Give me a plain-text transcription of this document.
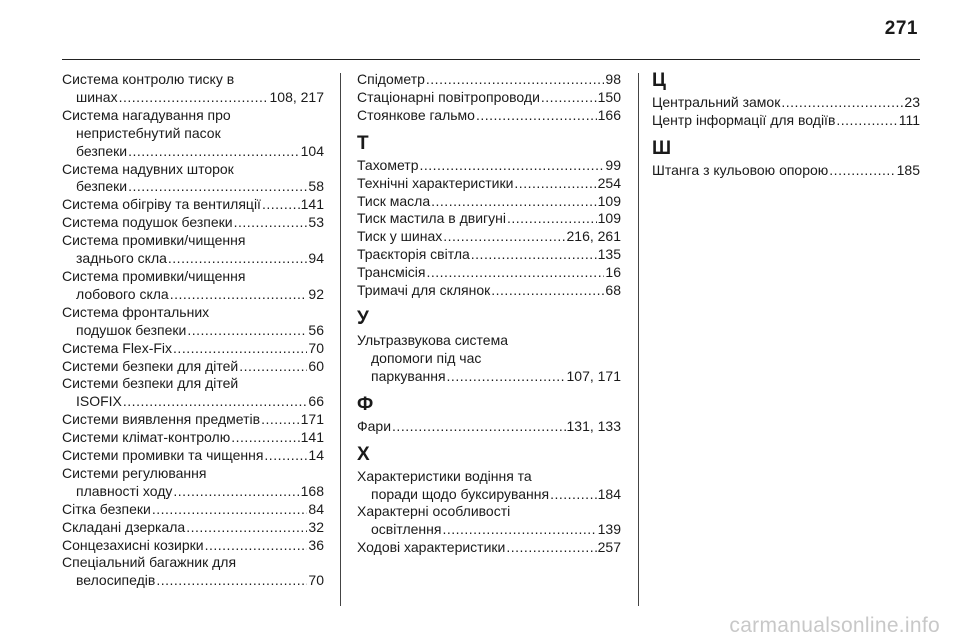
271
Система контролю тиску в
шинах .....	108, 217
Система нагадування про
непристебнутий пасок
безпеки .....	104
Система надувних шторок
безпеки .....	58
Система обігріву та вентиляції .....	141
Система подушок безпеки .....	53
Система промивки/чищення
заднього скла .....	94
Система промивки/чищення
лобового скла .....	92
Система фронтальних
подушок безпеки .....	56
Система Flex-Fix .....	70
Системи безпеки для дітей .....	60
Системи безпеки для дітей
ISOFIX .....	66
Системи виявлення предметів .....	171
Системи клімат-контролю .....	141
Системи промивки та чищення .....	14
Системи регулювання
плавності ходу .....	168
Сітка безпеки .....	84
Складані дзеркала .....	32
Сонцезахисні козирки .....	36
Спеціальний багажник для
велосипедів .....	70
Спідометр .....	98
Стаціонарні повітропроводи .....	150
Стоянкове гальмо .....	166
Т
Тахометр .....	99
Технічні характеристики .....	254
Тиск масла .....	109
Тиск мастила в двигуні .....	109
Тиск у шинах .....	216, 261
Траєкторія світла .....	135
Трансмісія .....	16
Тримачі для склянок .....	68
У
Ультразвукова система
допомоги під час
паркування .....	107, 171
Ф
Фари .....	131, 133
Х
Характеристики водіння та
поради щодо буксирування .....	184
Характерні особливості
освітлення .....	139
Ходові характеристики .....	257
Ц
Центральний замок .....	23
Центр інформації для водіїв .....	111
Ш
Штанга з кульовою опорою .....	185
carmanualsonline.info
